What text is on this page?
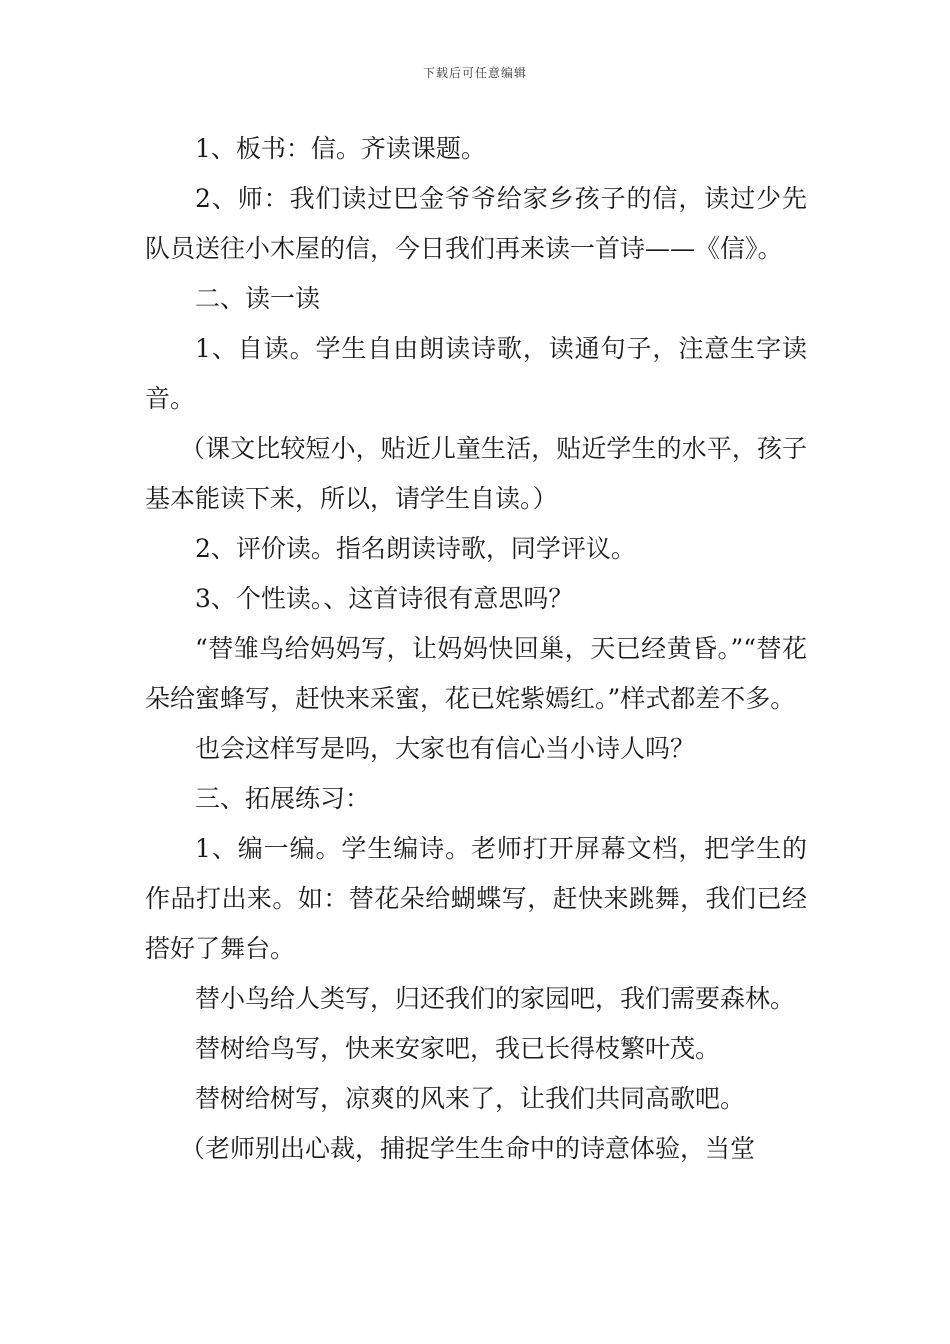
下载后可任意编辑

1、板书：信。齐读课题。

2、师：我们读过巴金爷爷给家乡孩子的信，读过少先队员送往小木屋的信，今日我们再来读一首诗——《信》。

二、读一读

1、自读。学生自由朗读诗歌，读通句子，注意生字读音。

（课文比较短小，贴近儿童生活，贴近学生的水平，孩子基本能读下来，所以，请学生自读。）

2、评价读。指名朗读诗歌，同学评议。

3、个性读。、这首诗很有意思吗？

“替雏鸟给妈妈写，让妈妈快回巢，天已经黄昏。”“替花朵给蜜蜂写，赶快来采蜜，花已姹紫嫣红。”样式都差不多。

也会这样写是吗，大家也有信心当小诗人吗？

三、拓展练习：

1、编一编。学生编诗。老师打开屏幕文档，把学生的作品打出来。如：替花朵给蝴蝶写，赶快来跳舞，我们已经搭好了舞台。

替小鸟给人类写，归还我们的家园吧，我们需要森林。

替树给鸟写，快来安家吧，我已长得枝繁叶茂。

替树给树写，凉爽的风来了，让我们共同高歌吧。

（老师别出心裁，捕捉学生生命中的诗意体验，当堂
